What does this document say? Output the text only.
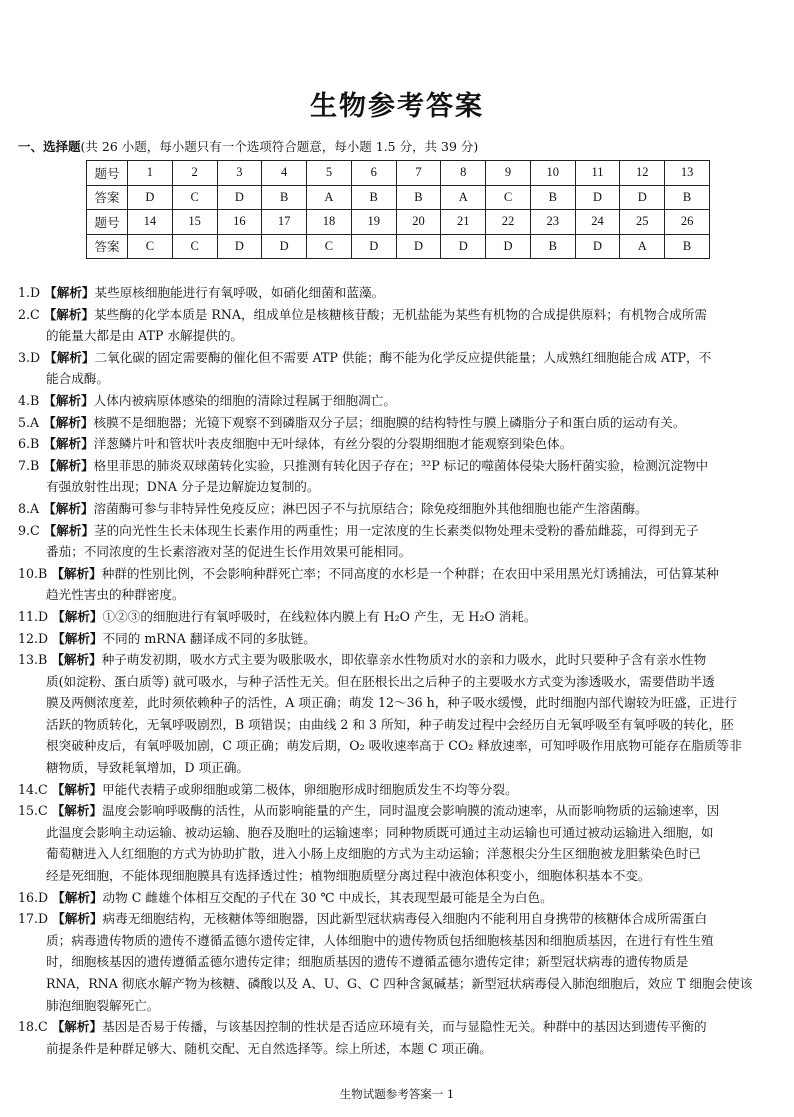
生物参考答案
一、选择题(共 26 小题，每小题只有一个选项符合题意，每小题 1.5 分，共 39 分)
题号	1	2	3	4	5	6	7	8	9	10	11	12	13
答案	D	C	D	B	A	B	B	A	C	B	D	D	B
题号	14	15	16	17	18	19	20	21	22	23	24	25	26
答案	C	C	D	D	C	D	D	D	D	B	D	A	B

1.D 【解析】某些原核细胞能进行有氧呼吸，如硝化细菌和蓝藻。

2.C 【解析】某些酶的化学本质是 RNA，组成单位是核糖核苷酸；无机盐能为某些有机物的合成提供原料；有机物合成所需

的能量大都是由 ATP 水解提供的。

3.D 【解析】二氧化碳的固定需要酶的催化但不需要 ATP 供能；酶不能为化学反应提供能量；人成熟红细胞能合成 ATP，不

能合成酶。

4.B 【解析】人体内被病原体感染的细胞的清除过程属于细胞凋亡。

5.A 【解析】核膜不是细胞器；光镜下观察不到磷脂双分子层；细胞膜的结构特性与膜上磷脂分子和蛋白质的运动有关。

6.B 【解析】洋葱鳞片叶和管状叶表皮细胞中无叶绿体，有丝分裂的分裂期细胞才能观察到染色体。

7.B 【解析】格里菲思的肺炎双球菌转化实验，只推测有转化因子存在；³²P 标记的噬菌体侵染大肠杆菌实验，检测沉淀物中

有强放射性出现；DNA 分子是边解旋边复制的。

8.A 【解析】溶菌酶可参与非特异性免疫反应；淋巴因子不与抗原结合；除免疫细胞外其他细胞也能产生溶菌酶。

9.C 【解析】茎的向光性生长未体现生长素作用的两重性；用一定浓度的生长素类似物处理未受粉的番茄雌蕊，可得到无子

番茄；不同浓度的生长素溶液对茎的促进生长作用效果可能相同。

10.B 【解析】种群的性别比例，不会影响种群死亡率；不同高度的水杉是一个种群；在农田中采用黑光灯诱捕法，可估算某种

趋光性害虫的种群密度。

11.D 【解析】①②③的细胞进行有氧呼吸时，在线粒体内膜上有 H₂O 产生，无 H₂O 消耗。

12.D 【解析】不同的 mRNA 翻译成不同的多肽链。

13.B 【解析】种子萌发初期，吸水方式主要为吸胀吸水，即依靠亲水性物质对水的亲和力吸水，此时只要种子含有亲水性物

质(如淀粉、蛋白质等) 就可吸水，与种子活性无关。但在胚根长出之后种子的主要吸水方式变为渗透吸水，需要借助半透

膜及两侧浓度差，此时须依赖种子的活性，A 项正确；萌发 12～36 h，种子吸水缓慢，此时细胞内部代谢较为旺盛，正进行

活跃的物质转化，无氧呼吸剧烈，B 项错误；由曲线 2 和 3 所知，种子萌发过程中会经历自无氧呼吸至有氧呼吸的转化，胚

根突破种皮后，有氧呼吸加剧，C 项正确；萌发后期，O₂ 吸收速率高于 CO₂ 释放速率，可知呼吸作用底物可能存在脂质等非

糖物质，导致耗氧增加，D 项正确。

14.C 【解析】甲能代表精子或卵细胞或第二极体，卵细胞形成时细胞质发生不均等分裂。

15.C 【解析】温度会影响呼吸酶的活性，从而影响能量的产生，同时温度会影响膜的流动速率，从而影响物质的运输速率，因

此温度会影响主动运输、被动运输、胞吞及胞吐的运输速率；同种物质既可通过主动运输也可通过被动运输进入细胞，如

葡萄糖进入人红细胞的方式为协助扩散，进入小肠上皮细胞的方式为主动运输；洋葱根尖分生区细胞被龙胆紫染色时已

经是死细胞，不能体现细胞膜具有选择透过性；植物细胞质壁分离过程中液泡体积变小，细胞体积基本不变。

16.D 【解析】动物 C 雌雄个体相互交配的子代在 30 ℃ 中成长，其表现型最可能是全为白色。

17.D 【解析】病毒无细胞结构，无核糖体等细胞器，因此新型冠状病毒侵入细胞内不能利用自身携带的核糖体合成所需蛋白

质；病毒遗传物质的遗传不遵循孟德尔遗传定律，人体细胞中的遗传物质包括细胞核基因和细胞质基因，在进行有性生殖

时，细胞核基因的遗传遵循孟德尔遗传定律；细胞质基因的遗传不遵循孟德尔遗传定律；新型冠状病毒的遗传物质是

RNA，RNA 彻底水解产物为核糖、磷酸以及 A、U、G、C 四种含氮碱基；新型冠状病毒侵入肺泡细胞后，效应 T 细胞会使该

肺泡细胞裂解死亡。

18.C 【解析】基因是否易于传播，与该基因控制的性状是否适应环境有关，而与显隐性无关。种群中的基因达到遗传平衡的

前提条件是种群足够大、随机交配、无自然选择等。综上所述，本题 C 项正确。

生物试题参考答案一 1
